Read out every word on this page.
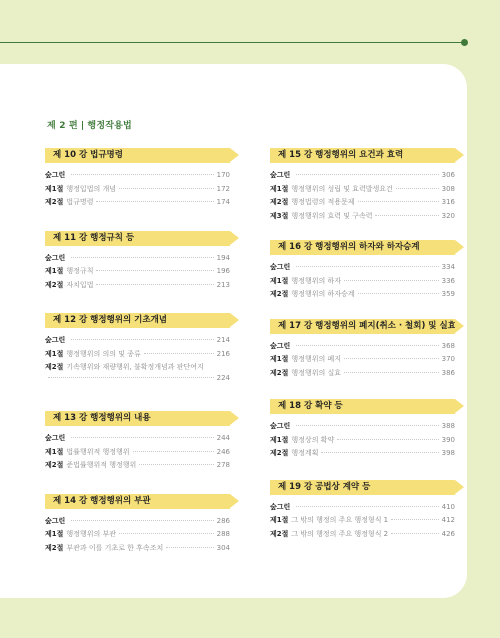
제 2 편 | 행정작용법
제 10 강 법규명령
숲그린	170
제1절 행정입법의 개념	172
제2절 법규명령	174
제 11 강 행정규칙 등
숲그린	194
제1절 행정규칙	196
제2절 자치입법	213
제 12 강 행정행위의 기초개념
숲그린	214
제1절 행정행위의 의의 및 종류	216
제2절 기속행위와 재량행위, 불확정개념과 판단여지
224
제 13 강 행정행위의 내용
숲그린	244
제1절 법률행위적 행정행위	246
제2절 준법률행위적 행정행위	278
제 14 강 행정행위의 부관
숲그린	286
제1절 행정행위의 부관	288
제2절 부관과 이를 기초로 한 후속조치	304
제 15 강 행정행위의 요건과 효력
숲그린	306
제1절 행정행위의 성립 및 효력발생요건	308
제2절 행정법령의 적용문제	316
제3절 행정행위의 효력 및 구속력	320
제 16 강 행정행위의 하자와 하자승계
숲그린	334
제1절 행정행위의 하자	336
제2절 행정행위의 하자승계	359
제 17 강 행정행위의 폐지(취소 · 철회) 및 실효
숲그린	368
제1절 행정행위의 폐지	370
제2절 행정행위의 실효	386
제 18 강 확약 등
숲그린	388
제1절 행정상의 확약	390
제2절 행정계획	398
제 19 강 공법상 계약 등
숲그린	410
제1절 그 밖의 행정의 주요 행정형식 1	412
제2절 그 밖의 행정의 주요 행정형식 2	426
